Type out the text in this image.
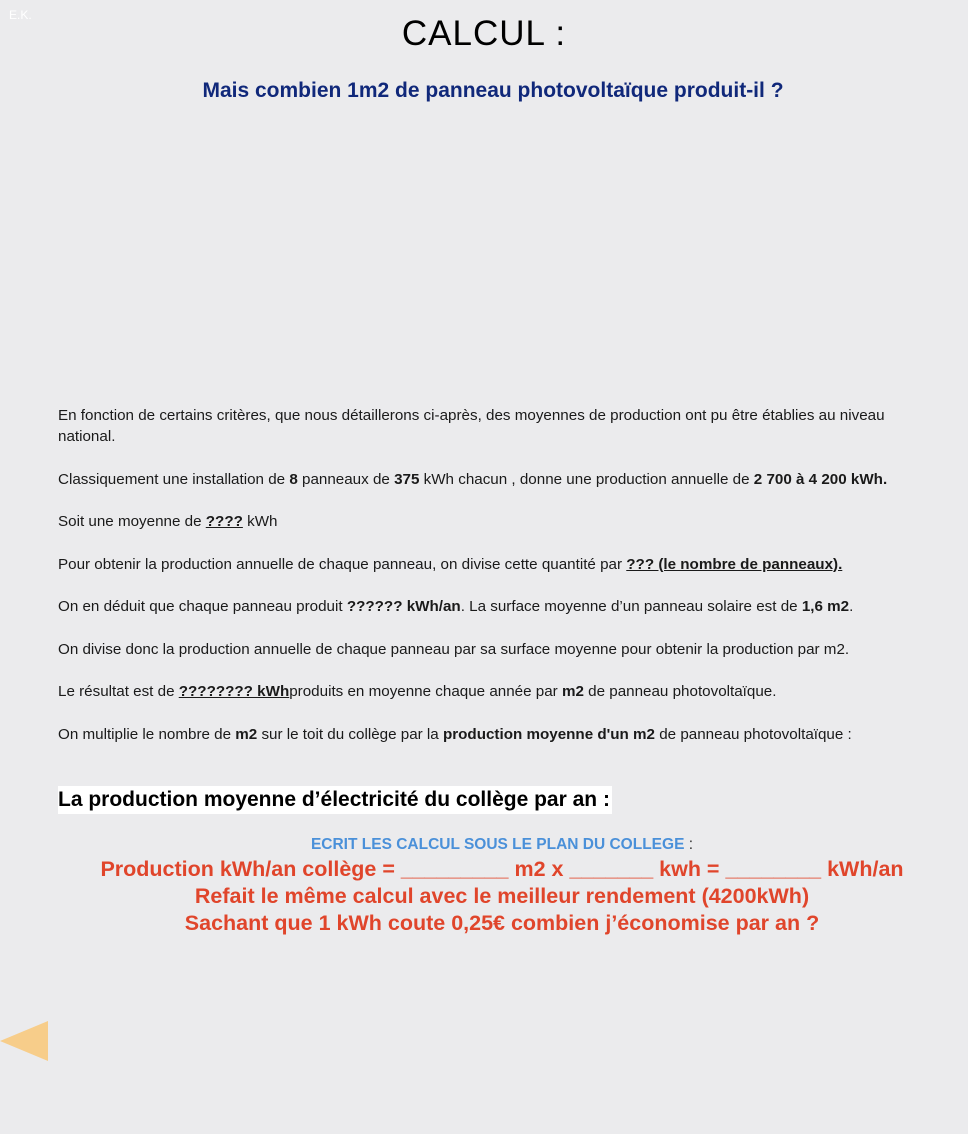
E.K.	CALCUL :
Mais combien 1m2 de panneau photovoltaïque produit-il ?

En fonction de certains critères, que nous détaillerons ci-après, des moyennes de production ont pu être établies au niveau national.

Classiquement une installation de 8 panneaux de 375 kWh chacun , donne une production annuelle de 2 700 à 4 200 kWh.

Soit une moyenne de ???? kWh

Pour obtenir la production annuelle de chaque panneau, on divise cette quantité par ??? (le nombre de panneaux).

On en déduit que chaque panneau produit ?????? kWh/an. La surface moyenne d’un panneau solaire est de 1,6 m2.

On divise donc la production annuelle de chaque panneau par sa surface moyenne pour obtenir la production par m2.

Le résultat est de ???????? kWhproduits en moyenne chaque année par m2 de panneau photovoltaïque.

On multiplie le nombre de m2 sur le toit du collège par la production moyenne d'un m2 de panneau photovoltaïque :

La production moyenne d’électricité du collège par an :
ECRIT LES CALCUL SOUS LE PLAN DU COLLEGE :
Production kWh/an collège = _________ m2 x _______ kwh = ________ kWh/an
Refait le même calcul avec le meilleur rendement (4200kWh)
Sachant que 1 kWh coute 0,25€ combien j’économise par an ?
